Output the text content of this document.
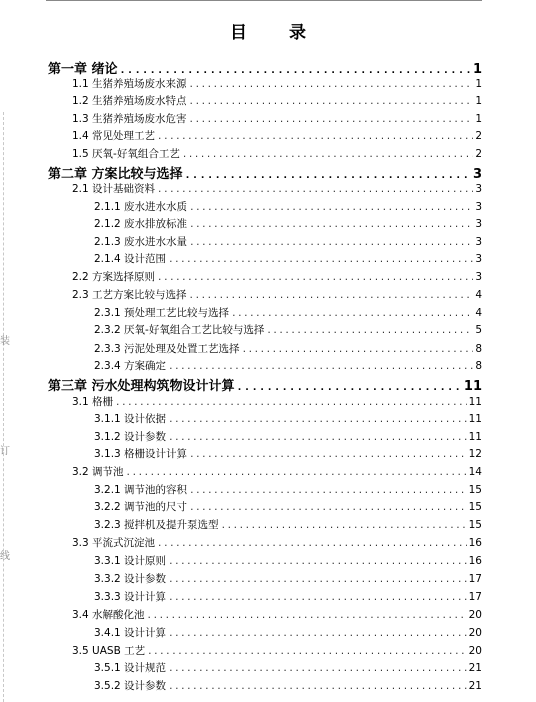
装
订
线
目 录
第一章 绪论 .....	1
1.1 生猪养殖场废水来源 .....	1
1.2 生猪养殖场废水特点 .....	1
1.3 生猪养殖场废水危害 .....	1
1.4 常见处理工艺 .....	2
1.5 厌氧-好氧组合工艺 .....	2
第二章 方案比较与选择 .....	3
2.1 设计基础资料 .....	3
2.1.1 废水进水水质 .....	3
2.1.2 废水排放标准 .....	3
2.1.3 废水进水水量 .....	3
2.1.4 设计范围 .....	3
2.2 方案选择原则 .....	3
2.3 工艺方案比较与选择 .....	4
2.3.1 预处理工艺比较与选择 .....	4
2.3.2 厌氧-好氧组合工艺比较与选择 .....	5
2.3.3 污泥处理及处置工艺选择 .....	8
2.3.4 方案确定 .....	8
第三章 污水处理构筑物设计计算 .....	11
3.1 格栅 .....	11
3.1.1 设计依据 .....	11
3.1.2 设计参数 .....	11
3.1.3 格栅设计计算 .....	12
3.2 调节池 .....	14
3.2.1 调节池的容积 .....	15
3.2.2 调节池的尺寸 .....	15
3.2.3 搅拌机及提升泵选型 .....	15
3.3 平流式沉淀池 .....	16
3.3.1 设计原则 .....	16
3.3.2 设计参数 .....	17
3.3.3 设计计算 .....	17
3.4 水解酸化池 .....	20
3.4.1 设计计算 .....	20
3.5 UASB 工艺 .....	20
3.5.1 设计规范 .....	21
3.5.2 设计参数 .....	21
